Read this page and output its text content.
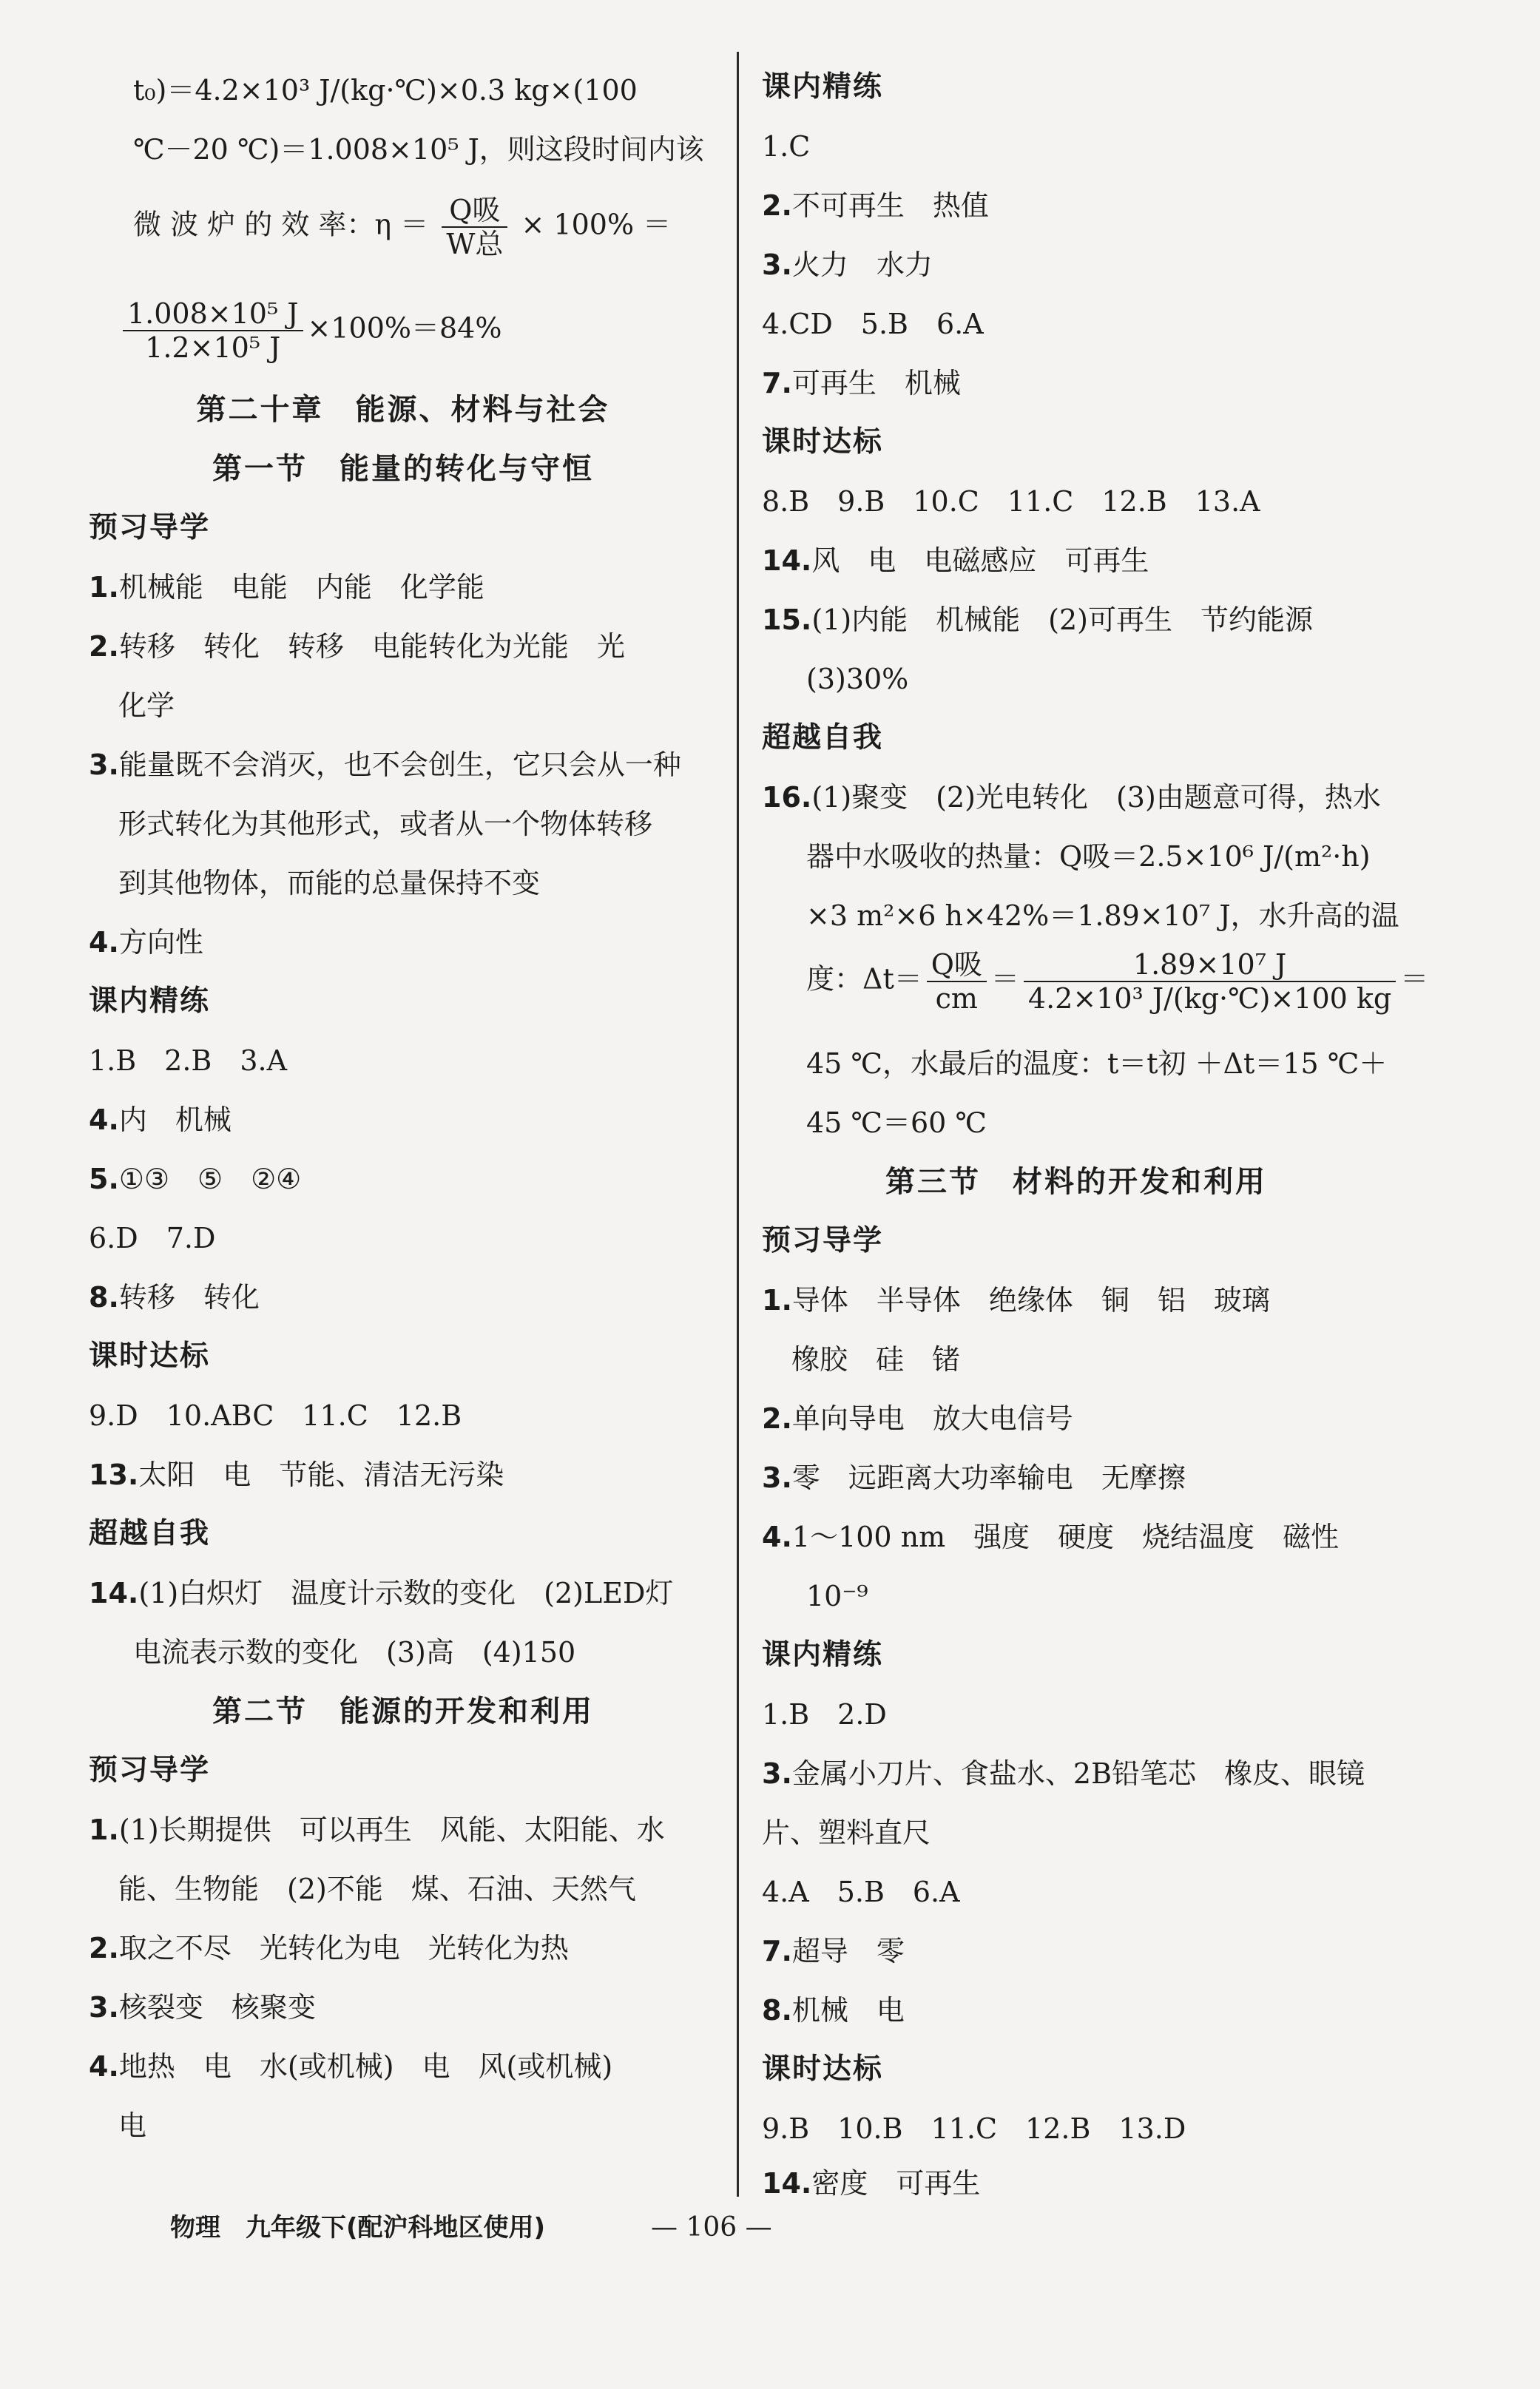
t₀)＝4.2×10³ J/(kg·℃)×0.3 kg×(100
℃－20 ℃)＝1.008×10⁵ J，则这段时间内该
微 波 炉 的 效 率：$\eta = \frac{\text{Q吸}}{\text{W总}} \times 100\%$ ＝
$\frac{\text{1.008×10⁵ J}}{\text{1.2×10⁵ J}} \times 100\%=84\%$
第二十章　能源、材料与社会
第一节　能量的转化与守恒
预习导学
1.机械能　电能　内能　化学能
2.转移　转化　转移　电能转化为光能　光
化学
3.能量既不会消灭，也不会创生，它只会从一种
形式转化为其他形式，或者从一个物体转移
到其他物体，而能的总量保持不变
4.方向性
课内精练
1.B　2.B　3.A
4.内　机械
5.①③　⑤　②④
6.D　7.D
8.转移　转化
课时达标
9.D　10.ABC　11.C　12.B
13.太阳　电　节能、清洁无污染
超越自我
14.(1)白炽灯　温度计示数的变化　(2)LED灯
电流表示数的变化　(3)高　(4)150
第二节　能源的开发和利用
预习导学
1.(1)长期提供　可以再生　风能、太阳能、水
能、生物能　(2)不能　煤、石油、天然气
2.取之不尽　光转化为电　光转化为热
3.核裂变　核聚变
4.地热　电　水(或机械)　电　风(或机械)
电
课内精练
1.C
2.不可再生　热值
3.火力　水力
4.CD　5.B　6.A
7.可再生　机械
课时达标
8.B　9.B　10.C　11.C　12.B　13.A
14.风　电　电磁感应　可再生
15.(1)内能　机械能　(2)可再生　节约能源
(3)30%
超越自我
16.(1)聚变　(2)光电转化　(3)由题意可得，热水
器中水吸收的热量：Q吸＝2.5×10⁶ J/(m²·h)
×3 m²×6 h×42%＝1.89×10⁷ J，水升高的温
度：$\Delta t= \frac{\text{Q吸}}{cm} = \frac{\text{1.89×10⁷ J}}{\text{4.2×10³ J/(kg·℃)×100 kg}}$ ＝
45 ℃，水最后的温度：t＝t初 ＋Δt＝15 ℃＋
45 ℃＝60 ℃
第三节　材料的开发和利用
预习导学
1.导体　半导体　绝缘体　铜　铝　玻璃
橡胶　硅　锗
2.单向导电　放大电信号
3.零　远距离大功率输电　无摩擦
4.1～100 nm　强度　硬度　烧结温度　磁性
10⁻⁹
课内精练
1.B　2.D
3.金属小刀片、食盐水、2B铅笔芯　橡皮、眼镜
片、塑料直尺
4.A　5.B　6.A
7.超导　零
8.机械　电
课时达标
9.B　10.B　11.C　12.B　13.D
14.密度　可再生
物理　九年级下(配沪科地区使用)	— 106 —
